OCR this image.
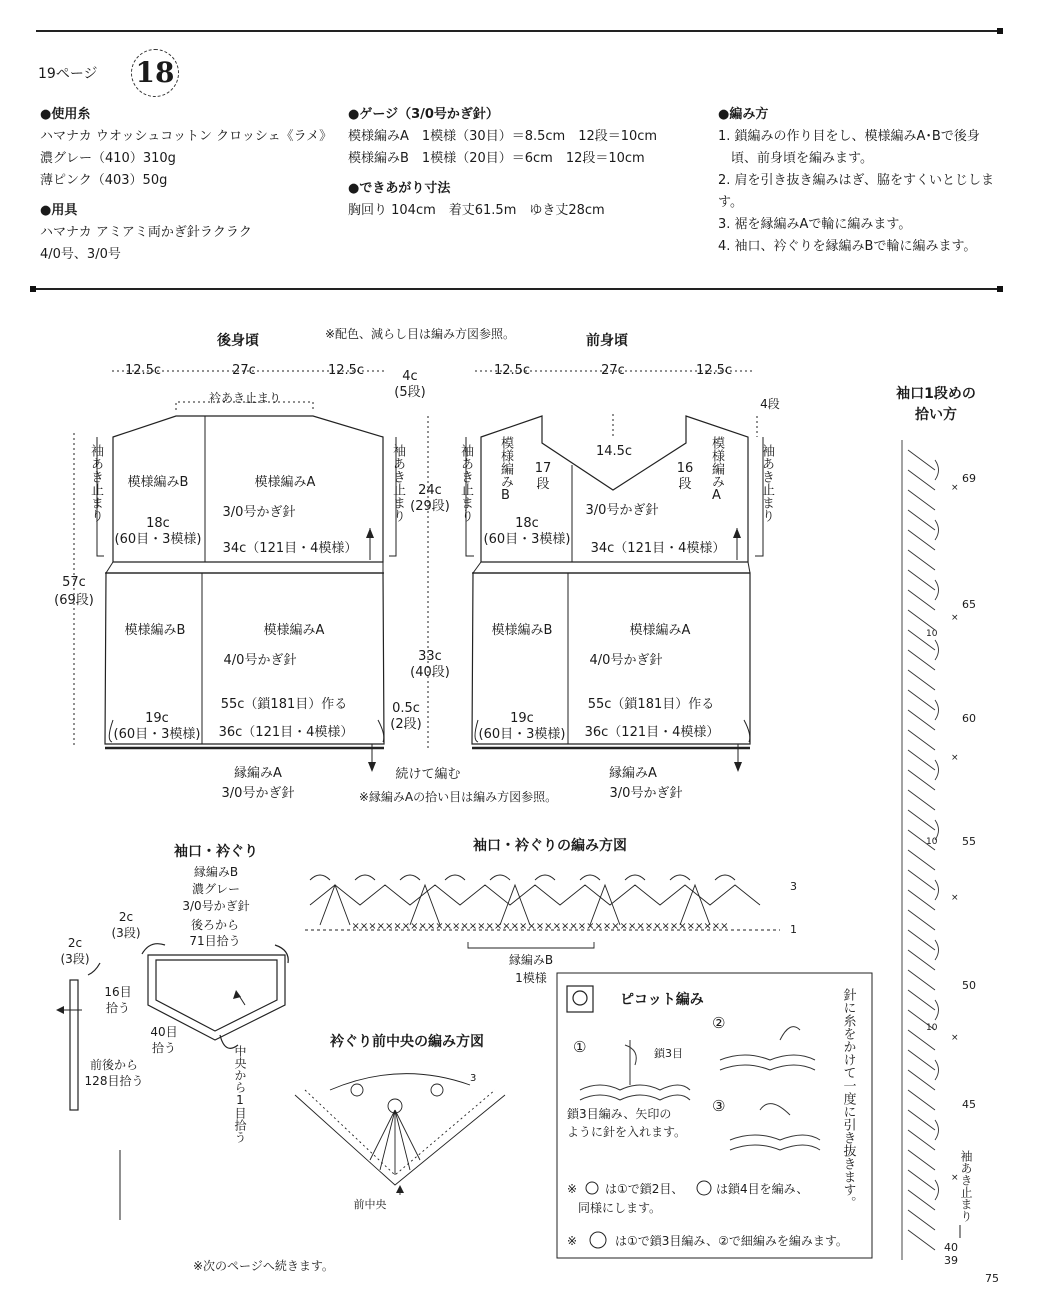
19ページ 18
●使用糸
ハマナカ ウオッシュコットン クロッシェ《ラメ》
濃グレー（410）310g
薄ピンク（403）50g
●用具
ハマナカ アミアミ両かぎ針ラクラク
4/0号、3/0号
●ゲージ（3/0号かぎ針）
模様編みA　1模様（30目）＝8.5cm　12段＝10cm
模様編みB　1模様（20目）＝6cm　12段＝10cm
●できあがり寸法
胸回り 104cm　着丈61.5m　ゆき丈28cm
●編み方
1. 鎖編みの作り目をし、模様編みA･Bで後身
　頃、前身頃を編みます。
2. 肩を引き抜き編みはぎ、脇をすくいとじします。
3. 裾を縁編みAで輪に編みます。
4. 袖口、衿ぐりを縁編みBで輪に編みます。
後身頃	※配色、減らし目は編み方図参照。
12.5c	27c	12.5c
衿あき止まり
模様編みB	模様編みA
3/0号かぎ針
18c
(60目・3模様)
34c（121目・4模様）
模様編みB	模様編みA
4/0号かぎ針
55c（鎖181目）作る
19c
(60目・3模様) 36c（121目・4模様）
縁編みA
3/0号かぎ針
57c
(69段)
4c
(5段)
24c
(29段)
33c
(40段)
0.5c
(2段)
続けて編む
※縁編みAの拾い目は編み方図参照。
前身頃
12.5c	27c	12.5c
4段
14.5c
17
段
16
段
3/0号かぎ針
18c
(60目・3模様)
34c（121目・4模様）
模様編みB	模様編みA
4/0号かぎ針
55c（鎖181目）作る
19c
(60目・3模様) 36c（121目・4模様）
縁編みA
3/0号かぎ針
袖口・衿ぐり
縁編みB
濃グレー
3/0号かぎ針
2c
(3段)
後ろから
71目拾う
2c
(3段)
16目
拾う
40目
拾う
前後から
128目拾う	中央から1目拾う
袖口・衿ぐりの編み方図
×××××××××××××××××××××××××××××××××××××××××××××
縁編みB
1模様
3
1
衿ぐり前中央の編み方図
前中央
3
ピコット編み
①
②
③
鎖3目
鎖3目編み、矢印の
ように針を入れます。
※ は①で鎖2目、	は鎖4目を編み、
同様にします。
※	は①で鎖3目編み、②で細編みを編みます。
針に糸をかけて一度に引き抜きます。
袖口1段めの
拾い方
×
×
×
×
×
×
69
65
60
55
50
45
40
39
10
10
10
袖あき止まり
※次のページへ続きます。
75
袖あき止まり	袖あき止まり	袖あき止まり	袖あき止まり
模様編みB	模様編みA
